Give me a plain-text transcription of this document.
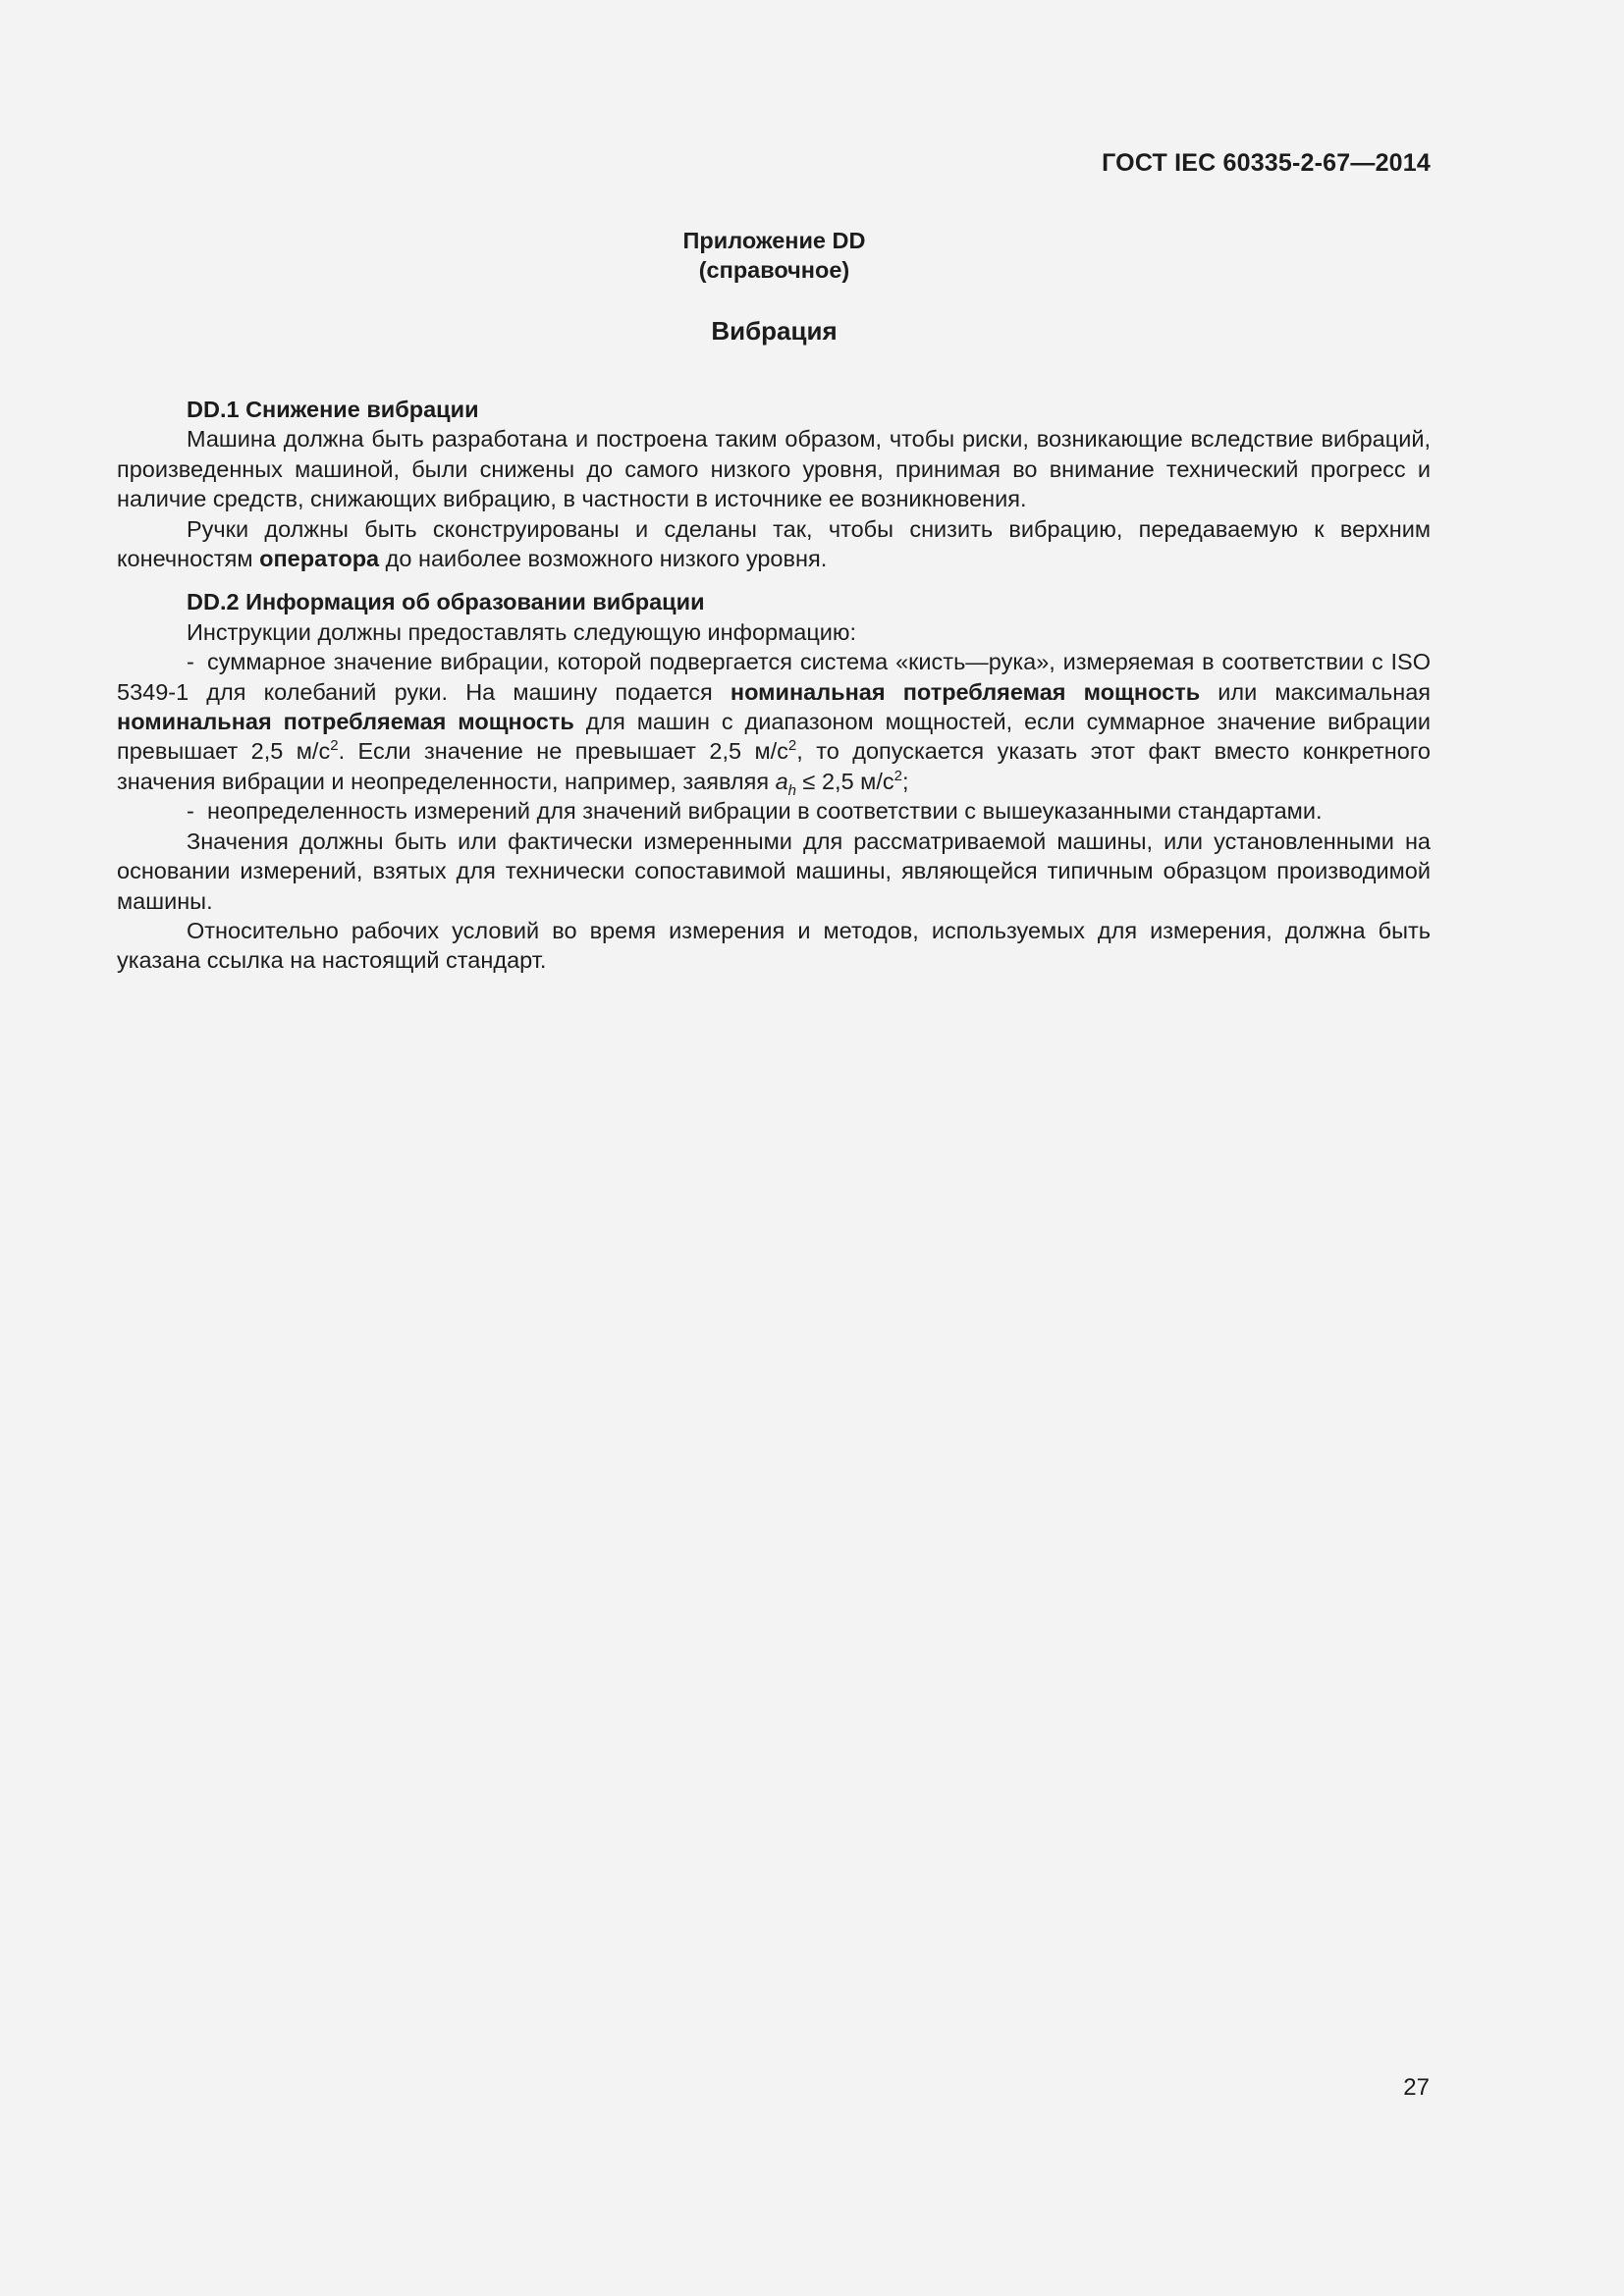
ГОСТ IEC 60335-2-67—2014
Приложение DD
(справочное)
Вибрация

DD.1 Снижение вибрации

Машина должна быть разработана и построена таким образом, чтобы риски, возникающие вследствие вибраций, произведенных машиной, были снижены до самого низкого уровня, принимая во внимание технический прогресс и наличие средств, снижающих вибрацию, в частности в источнике ее возникновения.

Ручки должны быть сконструированы и сделаны так, чтобы снизить вибрацию, передаваемую к верхним конечностям оператора до наиболее возможного низкого уровня.

DD.2 Информация об образовании вибрации

Инструкции должны предоставлять следующую информацию:

- суммарное значение вибрации, которой подвергается система «кисть—рука», измеряемая в соответствии с ISO 5349-1 для колебаний руки. На машину подается номинальная потребляемая мощность или максимальная номинальная потребляемая мощность для машин с диапазоном мощностей, если суммарное значение вибрации превышает 2,5 $м/с^2$. Если значение не превышает 2,5 $м/с^2$, то допускается указать этот факт вместо конкретного значения вибрации и неопределенности, например, заявляя $a_h \le 2,5$ $м/с^2$;

- неопределенность измерений для значений вибрации в соответствии с вышеуказанными стандартами.

Значения должны быть или фактически измеренными для рассматриваемой машины, или установленными на основании измерений, взятых для технически сопоставимой машины, являющейся типичным образцом производимой машины.

Относительно рабочих условий во время измерения и методов, используемых для измерения, должна быть указана ссылка на настоящий стандарт.

27
